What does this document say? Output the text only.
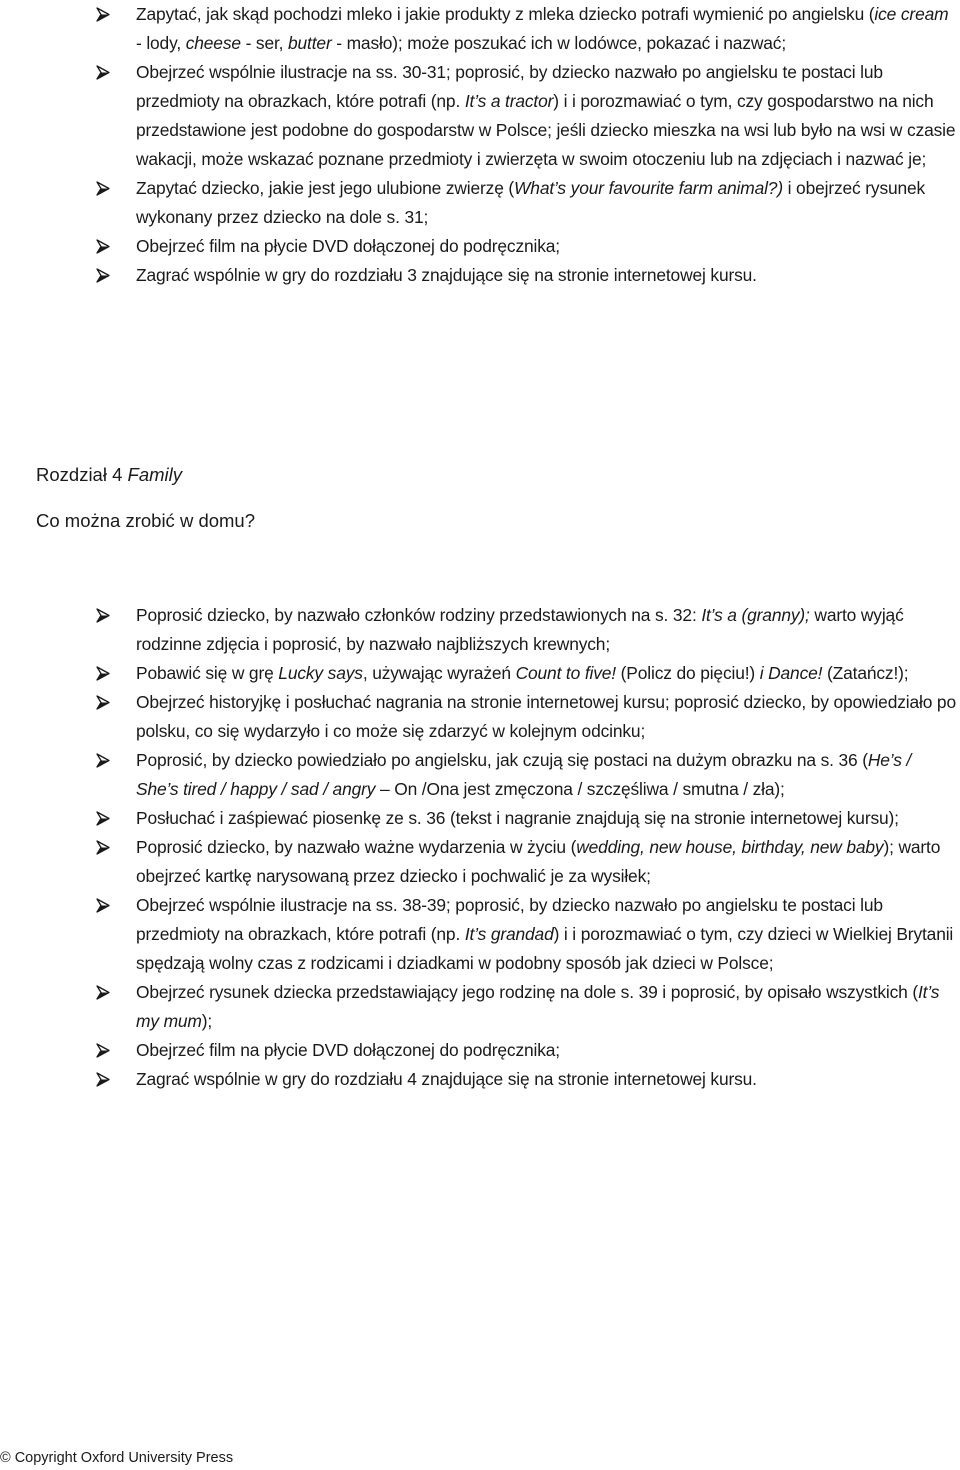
Zapytać, jak skąd pochodzi mleko i jakie produkty z mleka dziecko potrafi wymienić po angielsku (ice cream - lody, cheese - ser, butter - masło); może poszukać ich w lodówce, pokazać i nazwać;
Obejrzeć wspólnie ilustracje na ss. 30-31; poprosić, by dziecko nazwało po angielsku te postaci lub przedmioty na obrazkach, które potrafi (np. It’s a tractor) i i porozmawiać o tym, czy gospodarstwo na nich przedstawione jest podobne do gospodarstw w Polsce; jeśli dziecko mieszka na wsi lub było na wsi w czasie wakacji, może wskazać poznane przedmioty i zwierzęta w swoim otoczeniu lub na zdjęciach i nazwać je;
Zapytać dziecko, jakie jest jego ulubione zwierzę (What’s your favourite farm animal?) i obejrzeć rysunek wykonany przez dziecko na dole s. 31;
Obejrzeć film na płycie DVD dołączonej do podręcznika;
Zagrać wspólnie w gry do rozdziału 3 znajdujące się na stronie internetowej kursu.
Rozdział 4 Family
Co można zrobić w domu?
Poprosić dziecko, by nazwało członków rodziny przedstawionych na s. 32: It’s a (granny); warto wyjąć rodzinne zdjęcia i poprosić, by nazwało najbliższych krewnych;
Pobawić się w grę Lucky says, używając wyrażeń Count to five! (Policz do pięciu!) i Dance! (Zatańcz!);
Obejrzeć historyjkę i posłuchać nagrania na stronie internetowej kursu; poprosić dziecko, by opowiedziało po polsku, co się wydarzyło i co może się zdarzyć w kolejnym odcinku;
Poprosić, by dziecko powiedziało po angielsku, jak czują się postaci na dużym obrazku na s. 36 (He’s / She’s tired / happy / sad / angry – On /Ona jest zmęczona / szczęśliwa / smutna / zła);
Posłuchać i zaśpiewać piosenkę ze s. 36 (tekst i nagranie znajdują się na stronie internetowej kursu);
Poprosić dziecko, by nazwało ważne wydarzenia w życiu (wedding, new house, birthday, new baby); warto obejrzeć kartkę narysowaną przez dziecko i pochwalić je za wysiłek;
Obejrzeć wspólnie ilustracje na ss. 38-39; poprosić, by dziecko nazwało po angielsku te postaci lub przedmioty na obrazkach, które potrafi (np. It’s grandad) i i porozmawiać o tym, czy dzieci w Wielkiej Brytanii spędzają wolny czas z rodzicami i dziadkami w podobny sposób jak dzieci w Polsce;
Obejrzeć rysunek dziecka przedstawiający jego rodzinę na dole s. 39 i poprosić, by opisało wszystkich (It’s my mum);
Obejrzeć film na płycie DVD dołączonej do podręcznika;
Zagrać wspólnie w gry do rozdziału 4 znajdujące się na stronie internetowej kursu.
© Copyright Oxford University Press
